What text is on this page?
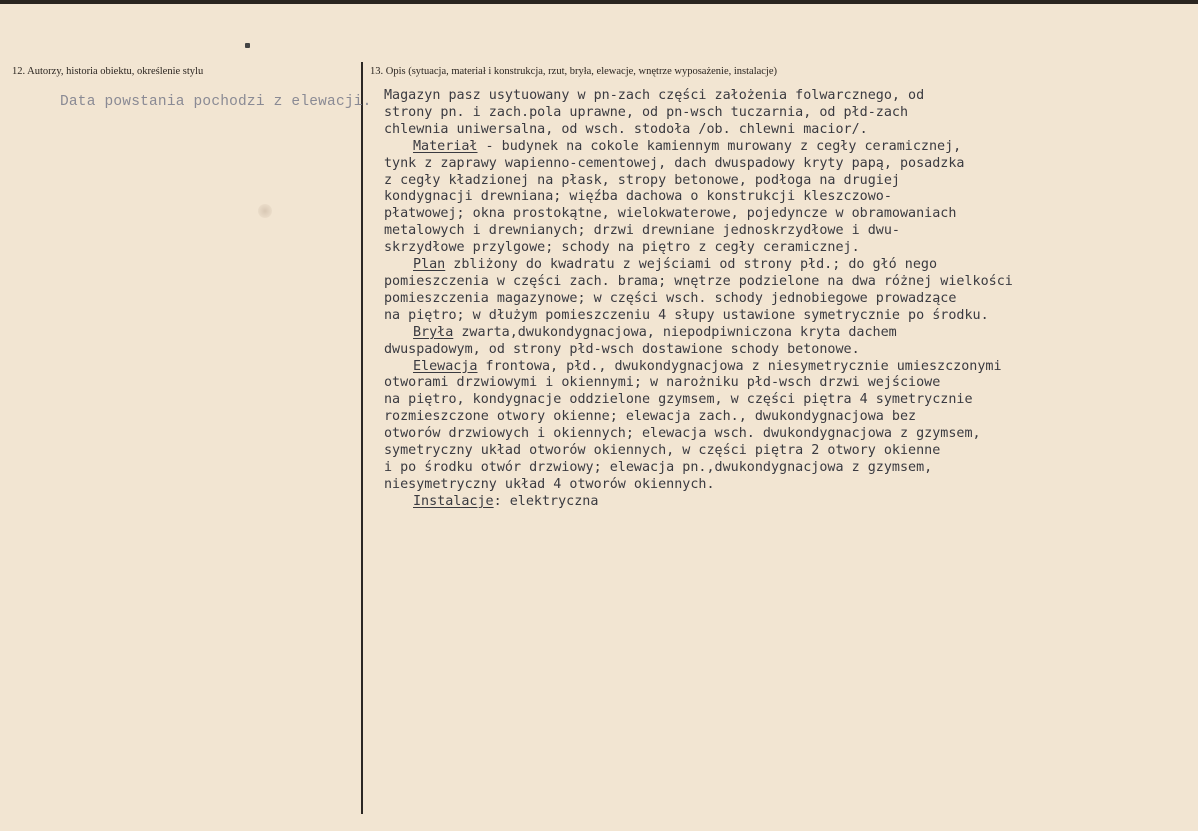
12. Autorzy, historia obiektu, określenie stylu	13. Opis (sytuacja, materiał i konstrukcja, rzut, bryła, elewacje, wnętrze wyposażenie, instalacje)
Data powstania pochodzi z elewacji. Magazyn pasz usytuowany w pn-zach części założenia folwarcznego, od
strony pn. i zach.pola uprawne, od pn-wsch tuczarnia, od płd-zach
chlewnia uniwersalna, od wsch. stodoła /ob. chlewni macior/.
Materiał - budynek na cokole kamiennym murowany z cegły ceramicznej,
tynk z zaprawy wapienno-cementowej, dach dwuspadowy kryty papą, posadzka
z cegły kładzionej na płask, stropy betonowe, podłoga na drugiej
kondygnacji drewniana; więźba dachowa o konstrukcji kleszczowo-
płatwowej; okna prostokątne, wielokwaterowe, pojedyncze w obramowaniach
metalowych i drewnianych; drzwi drewniane jednoskrzydłowe i dwu-
skrzydłowe przylgowe; schody na piętro z cegły ceramicznej.
Plan zbliżony do kwadratu z wejściami od strony płd.; do głó nego
pomieszczenia w części zach. brama; wnętrze podzielone na dwa różnej wielkości
pomieszczenia magazynowe; w części wsch. schody jednobiegowe prowadzące
na piętro; w dłużym pomieszczeniu 4 słupy ustawione symetrycznie po środku.
Bryła zwarta,dwukondygnacjowa, niepodpiwniczona kryta dachem
dwuspadowym, od strony płd-wsch dostawione schody betonowe.
Elewacja frontowa, płd., dwukondygnacjowa z niesymetrycznie umieszczonymi
otworami drzwiowymi i okiennymi; w narożniku płd-wsch drzwi wejściowe
na piętro, kondygnacje oddzielone gzymsem, w części piętra 4 symetrycznie
rozmieszczone otwory okienne; elewacja zach., dwukondygnacjowa bez
otworów drzwiowych i okiennych; elewacja wsch. dwukondygnacjowa z gzymsem,
symetryczny układ otworów okiennych, w części piętra 2 otwory okienne
i po środku otwór drzwiowy; elewacja pn.,dwukondygnacjowa z gzymsem,
niesymetryczny układ 4 otworów okiennych.
Instalacje: elektryczna
